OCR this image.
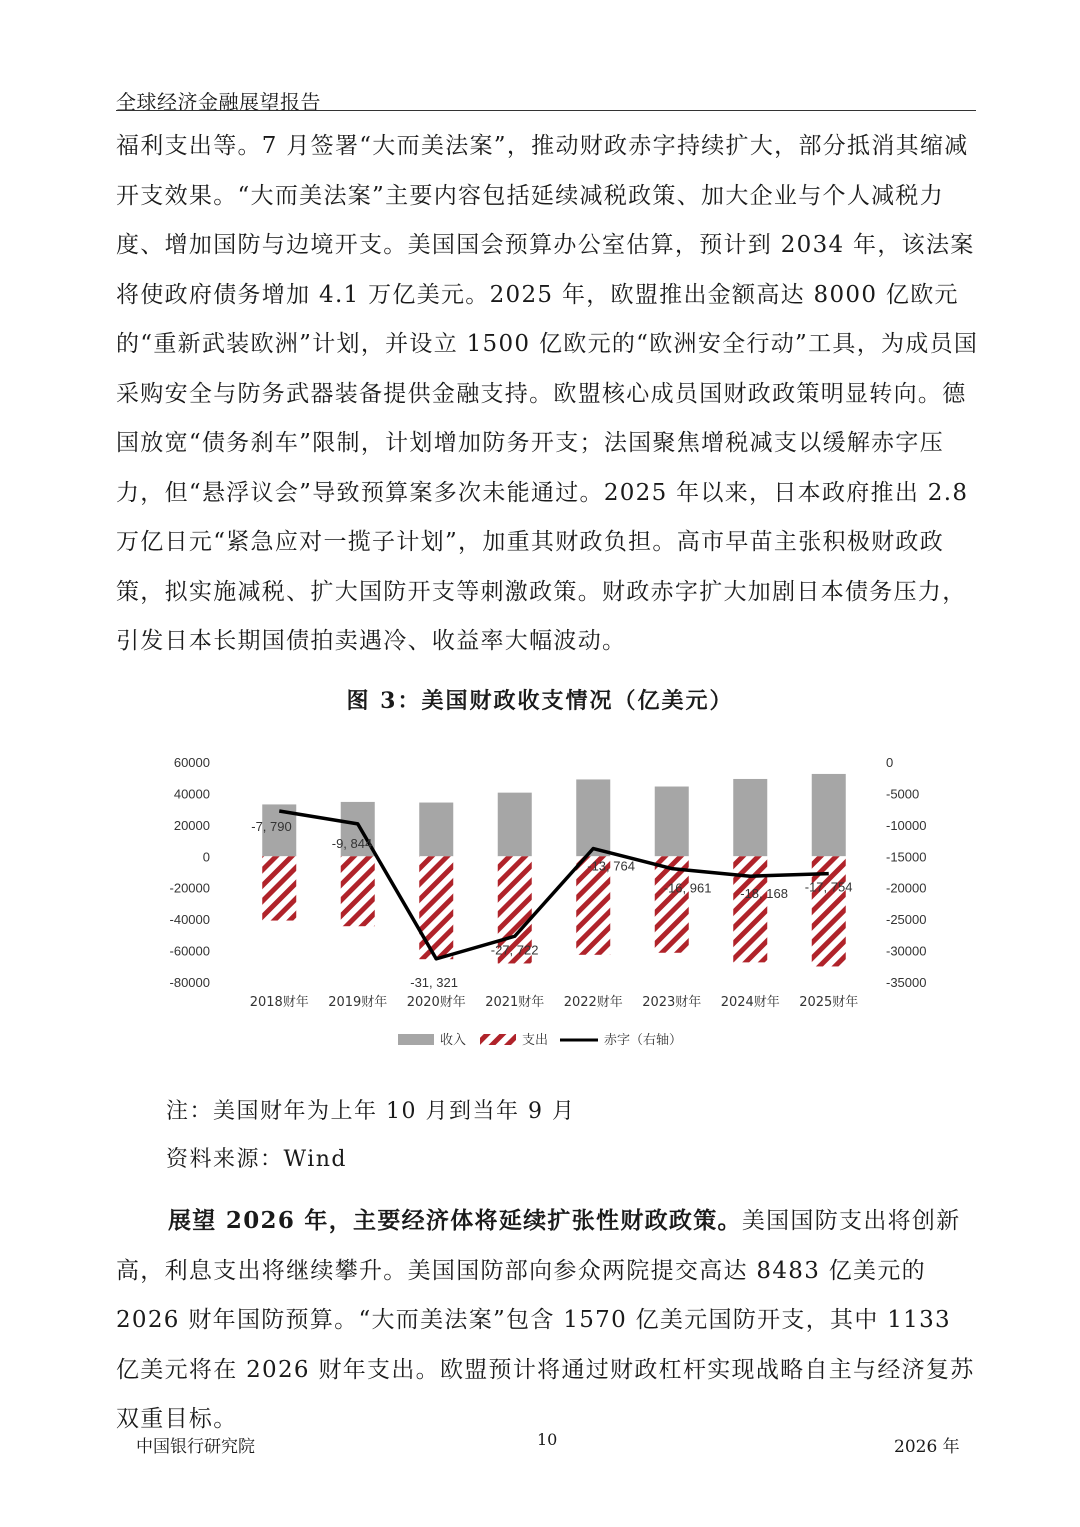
全球经济金融展望报告

福利支出等。7 月签署“大而美法案”，推动财政赤字持续扩大，部分抵消其缩减开支效果。“大而美法案”主要内容包括延续减税政策、加大企业与个人减税力度、增加国防与边境开支。美国国会预算办公室估算，预计到 2034 年，该法案将使政府债务增加 4.1 万亿美元。2025 年，欧盟推出金额高达 8000 亿欧元的“重新武装欧洲”计划，并设立 1500 亿欧元的“欧洲安全行动”工具，为成员国采购安全与防务武器装备提供金融支持。欧盟核心成员国财政政策明显转向。德国放宽“债务刹车”限制，计划增加防务开支；法国聚焦增税减支以缓解赤字压力，但“悬浮议会”导致预算案多次未能通过。2025 年以来，日本政府推出 2.8 万亿日元“紧急应对一揽子计划”，加重其财政负担。高市早苗主张积极财政政策，拟实施减税、扩大国防开支等刺激政策。财政赤字扩大加剧日本债务压力，引发日本长期国债拍卖遇冷、收益率大幅波动。

图 3：美国财政收支情况（亿美元）
60000
40000
20000
0
-20000
-40000
-60000
-80000
0
-5000
-10000
-15000
-20000
-25000
-30000
-35000
-7, 790
-9, 844
-31, 321
-27, 722
-13, 764
-16, 961 -18, 168 -17, 754
2018财年 2019财年 2020财年 2021财年 2022财年 2023财年 2024财年 2025财年
收入	支出	赤字（右轴）
注：美国财年为上年 10 月到当年 9 月
资料来源：Wind

展望 2026 年，主要经济体将延续扩张性财政政策。美国国防支出将创新高，利息支出将继续攀升。美国国防部向参众两院提交高达 8483 亿美元的 2026 财年国防预算。“大而美法案”包含 1570 亿美元国防开支，其中 1133 亿美元将在 2026 财年支出。欧盟预计将通过财政杠杆实现战略自主与经济复苏双重目标。

中国银行研究院	10	2026 年
